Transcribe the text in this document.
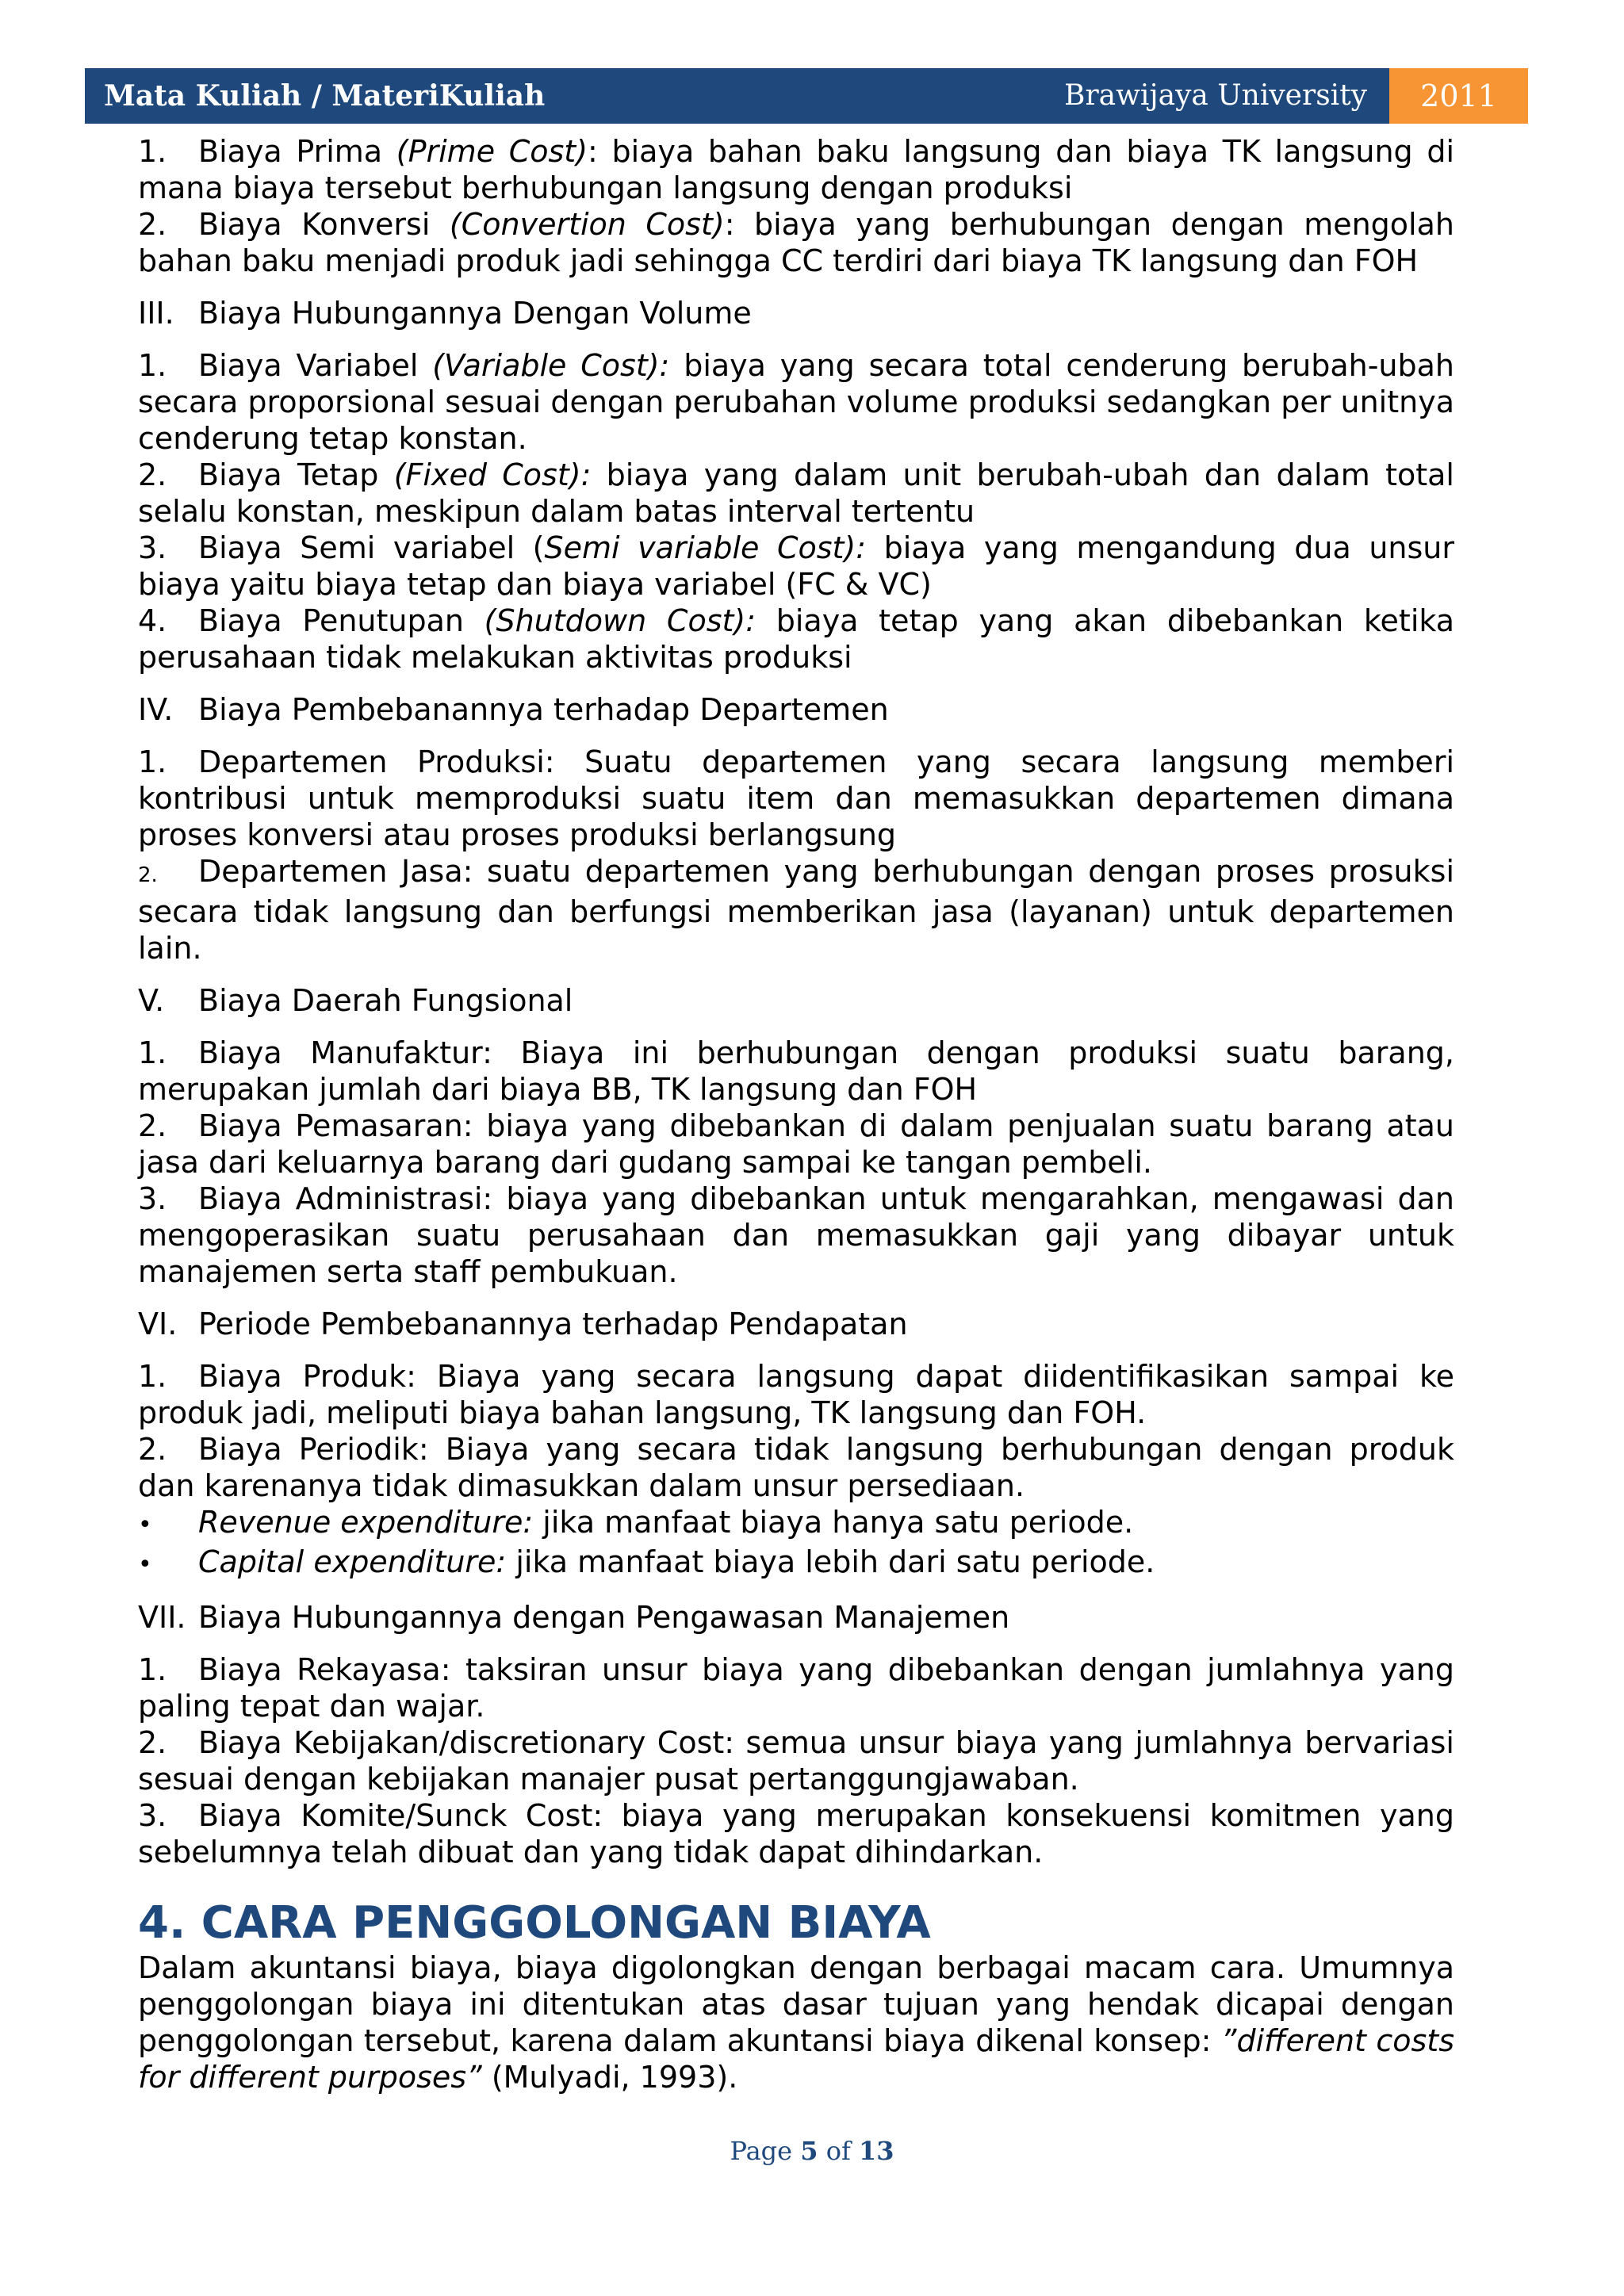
Mata Kuliah / MateriKuliah	Brawijaya University	2011

1. Biaya Prima (Prime Cost): biaya bahan baku langsung dan biaya TK langsung di mana biaya tersebut berhubungan langsung dengan produksi

2. Biaya Konversi (Convertion Cost): biaya yang berhubungan dengan mengolah bahan baku menjadi produk jadi sehingga CC terdiri dari biaya TK langsung dan FOH

III. Biaya Hubungannya Dengan Volume

1. Biaya Variabel (Variable Cost): biaya yang secara total cenderung berubah-ubah secara proporsional sesuai dengan perubahan volume produksi sedangkan per unitnya cenderung tetap konstan.

2. Biaya Tetap (Fixed Cost): biaya yang dalam unit berubah-ubah dan dalam total selalu konstan, meskipun dalam batas interval tertentu

3. Biaya Semi variabel (Semi variable Cost): biaya yang mengandung dua unsur biaya yaitu biaya tetap dan biaya variabel (FC & VC)

4. Biaya Penutupan (Shutdown Cost): biaya tetap yang akan dibebankan ketika perusahaan tidak melakukan aktivitas produksi

IV. Biaya Pembebanannya terhadap Departemen

1. Departemen Produksi: Suatu departemen yang secara langsung memberi kontribusi untuk memproduksi suatu item dan memasukkan departemen dimana proses konversi atau proses produksi berlangsung

2. Departemen Jasa: suatu departemen yang berhubungan dengan proses prosuksi secara tidak langsung dan berfungsi memberikan jasa (layanan) untuk departemen lain.

V. Biaya Daerah Fungsional

1. Biaya Manufaktur: Biaya ini berhubungan dengan produksi suatu barang, merupakan jumlah dari biaya BB, TK langsung dan FOH

2. Biaya Pemasaran: biaya yang dibebankan di dalam penjualan suatu barang atau jasa dari keluarnya barang dari gudang sampai ke tangan pembeli.

3. Biaya Administrasi: biaya yang dibebankan untuk mengarahkan, mengawasi dan mengoperasikan suatu perusahaan dan memasukkan gaji yang dibayar untuk manajemen serta staff pembukuan.

VI. Periode Pembebanannya terhadap Pendapatan

1. Biaya Produk: Biaya yang secara langsung dapat diidentifikasikan sampai ke produk jadi, meliputi biaya bahan langsung, TK langsung dan FOH.

2. Biaya Periodik: Biaya yang secara tidak langsung berhubungan dengan produk dan karenanya tidak dimasukkan dalam unsur persediaan.

•	Revenue expenditure: jika manfaat biaya hanya satu periode.
•	Capital expenditure: jika manfaat biaya lebih dari satu periode.

VII. Biaya Hubungannya dengan Pengawasan Manajemen

1. Biaya Rekayasa: taksiran unsur biaya yang dibebankan dengan jumlahnya yang paling tepat dan wajar.

2. Biaya Kebijakan/discretionary Cost: semua unsur biaya yang jumlahnya bervariasi sesuai dengan kebijakan manajer pusat pertanggungjawaban.

3. Biaya Komite/Sunck Cost: biaya yang merupakan konsekuensi komitmen yang sebelumnya telah dibuat dan yang tidak dapat dihindarkan.

4. CARA PENGGOLONGAN BIAYA

Dalam akuntansi biaya, biaya digolongkan dengan berbagai macam cara. Umumnya penggolongan biaya ini ditentukan atas dasar tujuan yang hendak dicapai dengan penggolongan tersebut, karena dalam akuntansi biaya dikenal konsep: ”different costs for different purposes” (Mulyadi, 1993).

Page 5 of 13
